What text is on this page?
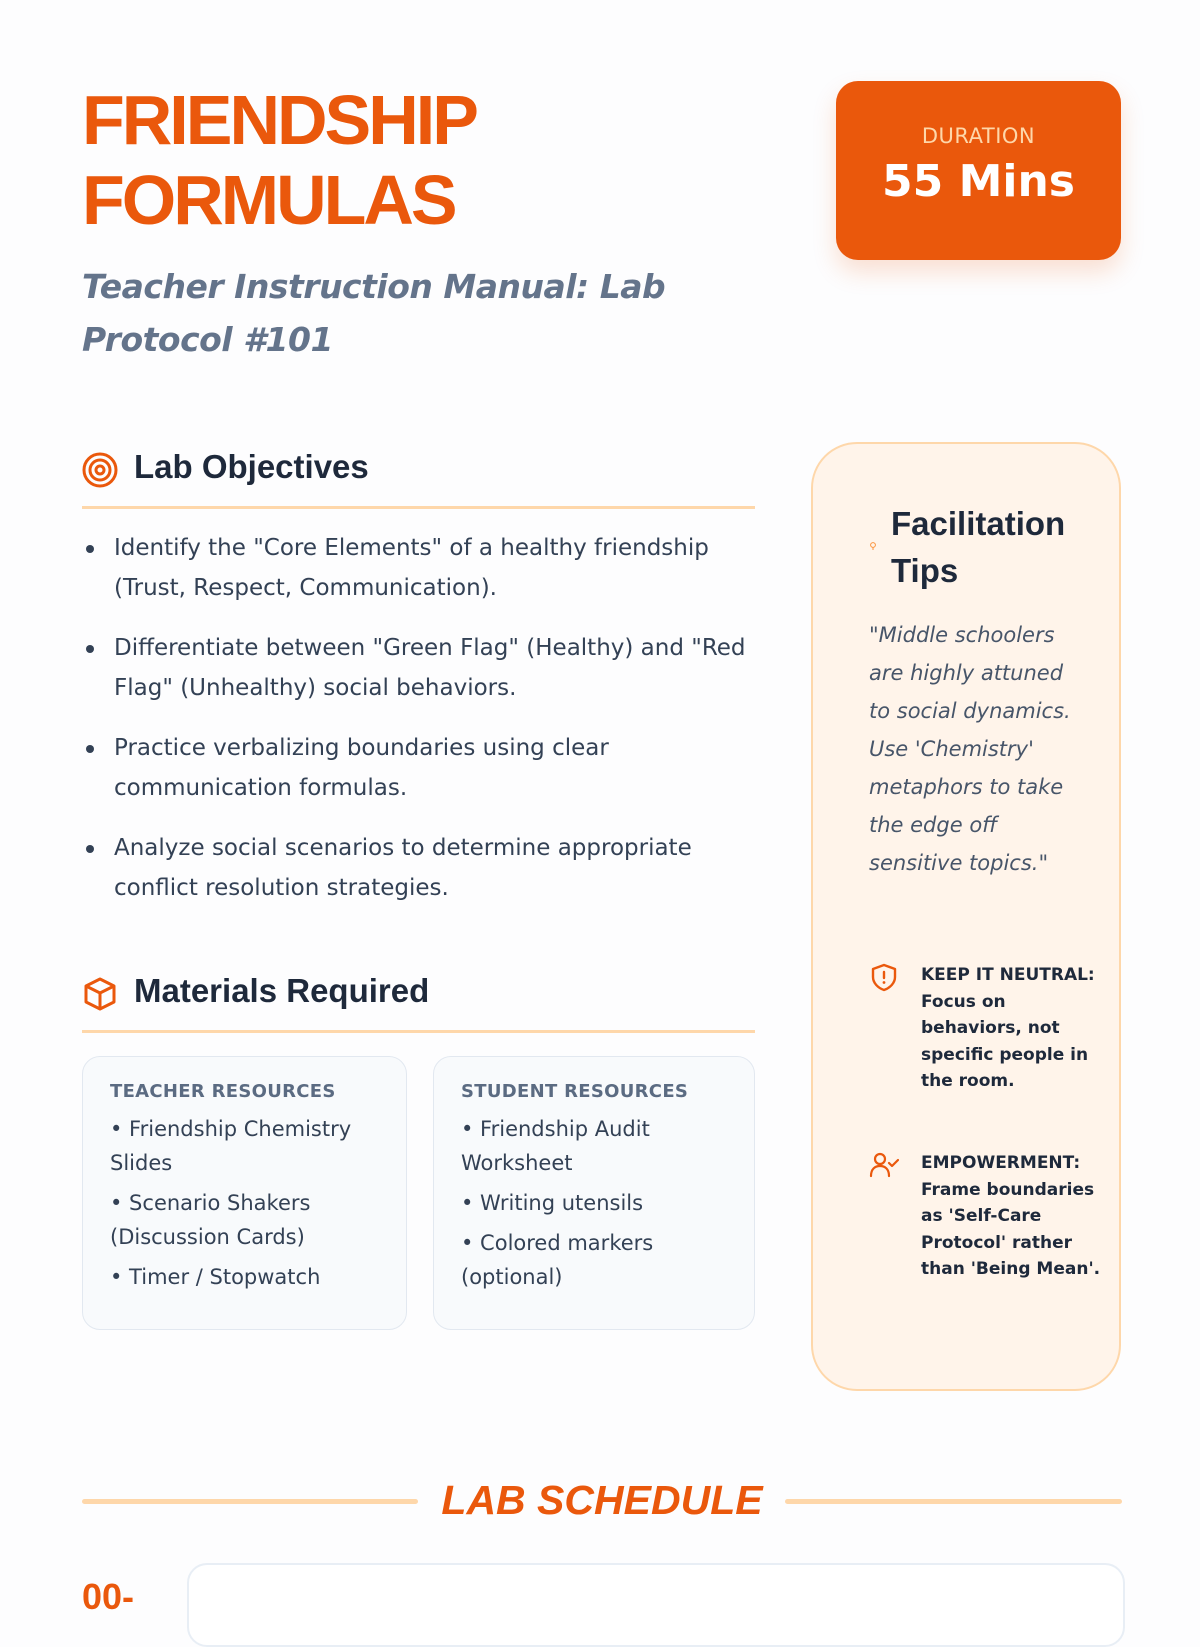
FRIENDSHIP
FORMULAS
Teacher Instruction Manual: Lab Protocol #101
DURATION
55 Mins
Lab Objectives
Identify the "Core Elements" of a healthy friendship (Trust, Respect, Communication).
Differentiate between "Green Flag" (Healthy) and "Red Flag" (Unhealthy) social behaviors.
Practice verbalizing boundaries using clear communication formulas.
Analyze social scenarios to determine appropriate conflict resolution strategies.
Materials Required
TEACHER RESOURCES
• Friendship Chemistry Slides
• Scenario Shakers (Discussion Cards)
• Timer / Stopwatch
STUDENT RESOURCES
• Friendship Audit Worksheet
• Writing utensils
• Colored markers (optional)
Facilitation Tips
"Middle schoolers are highly attuned to social dynamics. Use 'Chemistry' metaphors to take the edge off sensitive topics."
KEEP IT NEUTRAL: Focus on behaviors, not specific people in the room.
EMPOWERMENT: Frame boundaries as 'Self-Care Protocol' rather than 'Being Mean'.
LAB SCHEDULE
00-
